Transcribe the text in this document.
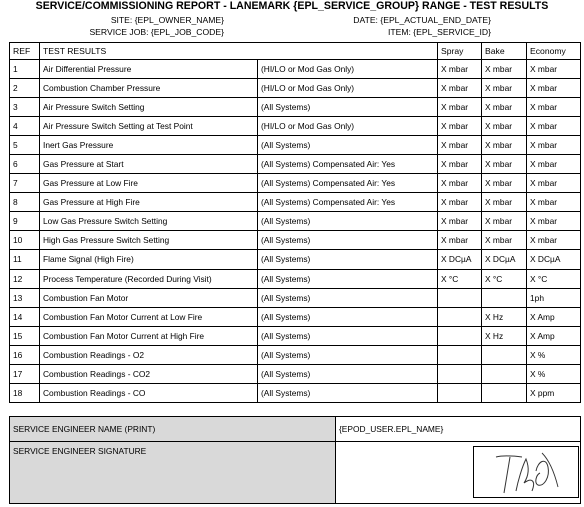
SERVICE/COMMISSIONING REPORT - LANEMARK {EPL_SERVICE_GROUP} RANGE - TEST RESULTS
SITE: {EPL_OWNER_NAME}
SERVICE JOB: {EPL_JOB_CODE}
DATE: {EPL_ACTUAL_END_DATE}
ITEM: {EPL_SERVICE_ID}
REF	TEST RESULTS		Spray	Bake	Economy
1	Air Differential Pressure	(HI/LO or Mod Gas Only)	X mbar	X mbar	X mbar
2	Combustion Chamber Pressure	(HI/LO or Mod Gas Only)	X mbar	X mbar	X mbar
3	Air Pressure Switch Setting	(All Systems)	X mbar	X mbar	X mbar
4	Air Pressure Switch Setting at Test Point	(HI/LO or Mod Gas Only)	X mbar	X mbar	X mbar
5	Inert Gas Pressure	(All Systems)	X mbar	X mbar	X mbar
6	Gas Pressure at Start	(All Systems) Compensated Air: Yes	X mbar	X mbar	X mbar
7	Gas Pressure at Low Fire	(All Systems) Compensated Air: Yes	X mbar	X mbar	X mbar
8	Gas Pressure at High Fire	(All Systems) Compensated Air: Yes	X mbar	X mbar	X mbar
9	Low Gas Pressure Switch Setting	(All Systems)	X mbar	X mbar	X mbar
10	High Gas Pressure Switch Setting	(All Systems)	X mbar	X mbar	X mbar
11	Flame Signal (High Fire)	(All Systems)	X DCµA	X DCµA	X DCµA
12	Process Temperature (Recorded During Visit)	(All Systems)	X °C	X °C	X °C
13	Combustion Fan Motor	(All Systems)			1ph
14	Combustion Fan Motor Current at Low Fire	(All Systems)		X Hz	X Amp
15	Combustion Fan Motor Current at High Fire	(All Systems)		X Hz	X Amp
16	Combustion Readings - O2	(All Systems)			X %
17	Combustion Readings - CO2	(All Systems)			X %
18	Combustion Readings - CO	(All Systems)			X ppm
SERVICE ENGINEER NAME (PRINT)	{EPOD_USER.EPL_NAME}
SERVICE ENGINEER SIGNATURE	
